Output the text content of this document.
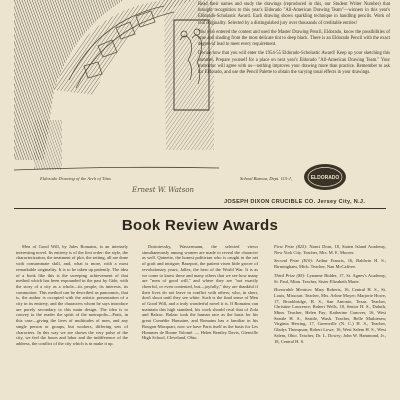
Eldorado Drawing of the Arch of Titus
Ernest W. Watson

Read their names and study the drawings (reproduced in this, our Student Writer Number) that brought recognition to this year's Eldorado "All-American Drawing Team"—winners in this year's Eldorado-Scholastic Award. Each drawing shows sparkling technique in handling pencils. Work of real originality. Selected by a distinguished jury over thousands of creditable entries!

You who entered the contest and used the Master Drawing Pencil, Eldorado, know the possibilities of tone and shading from the most delicate tint to deep black. There is an Eldorado Pencil with the exact degree of lead to meet every requirement.

Decide now that you will enter the 1954-55 Eldorado-Scholastic Award! Keep up your sketching this summer. Prepare yourself for a place on next year's Eldorado "All-American Drawing Team." Your instructor will agree with us—nothing improves your drawing more than practice. Remember to ask for Eldorado, and use the Pencil Palette to obtain the varying tonal effects in your drawings.

School Bureau, Dept. 115-J,	ELDORADO
JOSEPH DIXON CRUCIBLE CO. Jersey City, N.J.
Book Review Awards

Men of Good Will, by Jules Romains, is an intensely interesting novel. Its entirety is of the first order: the style, the characterization, the treatment of plot, the setting, all are done with consummate skill, and, what is more, with a most remarkable originality. It is to be taken up patiently. The idea of a book like this is the sweeping achievement of that method which has been expounded in the past by Gide, with the story of a city as a whole—its people, its interests, its commotion. This method can be described as panoramic, that is, the author is occupied with the artistic presentation of a city in its entirety, and the characters whom he says introduce are purely secondary to this main design. The idea is to convey to the reader the spirit of the metropolis—Paris, in this case—giving the lives of multitudes of men, and any single person or groups, but workers, differing sets of characters. In this way we are shown the very pulse of the city, we feel the hours and labor and the indifference of the address, the conflict of the city which is in make it up.

Dostoievsky, Wassermann, the selected views simultaneously among women are made to reveal the character as well. Quinette, the honest politician who is caught in the net of graft and intrigue; Baseport, the patient vixen little grocer of revolutionary years; Jallez, the hero of the World War. It is as we come to know these and many others that we see how many are "men of good will," and where they are "not exactly cheerful, or even contented, but—joyfully," they are thankful if their lives do not leave in conflict with others; who, in short, don't shoot until they see white. Such is the final sense of Men of Good Will, and a truly wonderful novel it is. If Romains can maintain this high standard, his work should rival that of Zola and Balzac. Balzac took the human race as the basis for his great Comédie Humaine, and Romains has a familiar in his Rougon-Macquart, now we have Paris itself as the basis for Les Hommes de Bonne Volonté. — Helen Bentley Davis, Glenville High School, Cleveland, Ohio.

First Prize ($25): Nanci Dorn, 18, Staten Island Academy, New York City. Teacher, Mrs. M. E. Moorer.

Second Prize ($10): Arthur Francis, 16, Baldwin H. S., Birmingham, Mich. Teacher, Nan McCaffree.

Third Prize ($5): Lynanne Bidder, 17, St. Agnes's Academy, St. Paul, Minn. Teacher, Sister Elizabeth Marie.

Honorable Mention: Mary Roberts, 16, Central H. S., St. Louis, Missouri. Teacher, Mrs. Arline Moyer; Marjorie Howe, 17, Brookbridge, H. S., San Antonio, Texas. Teacher, Christine Lawrence; Robert Wells, 18, Senior H. S., Duluth, Minn. Teacher, Helen Fay; Katherine Conover, 16, West Seattle H. S., Seattle, Wash. Teacher, Belle Mathiesen; Virginia Herring, 17, Greenville (N. C.) H. S., Teacher, Gladys Thompson; Robert Lowe, 16, West Salem H. S., West Salem, Ohio. Teacher, Dr. L. Dowry; John W. Hammond, Jr., 18, Central H. S.
